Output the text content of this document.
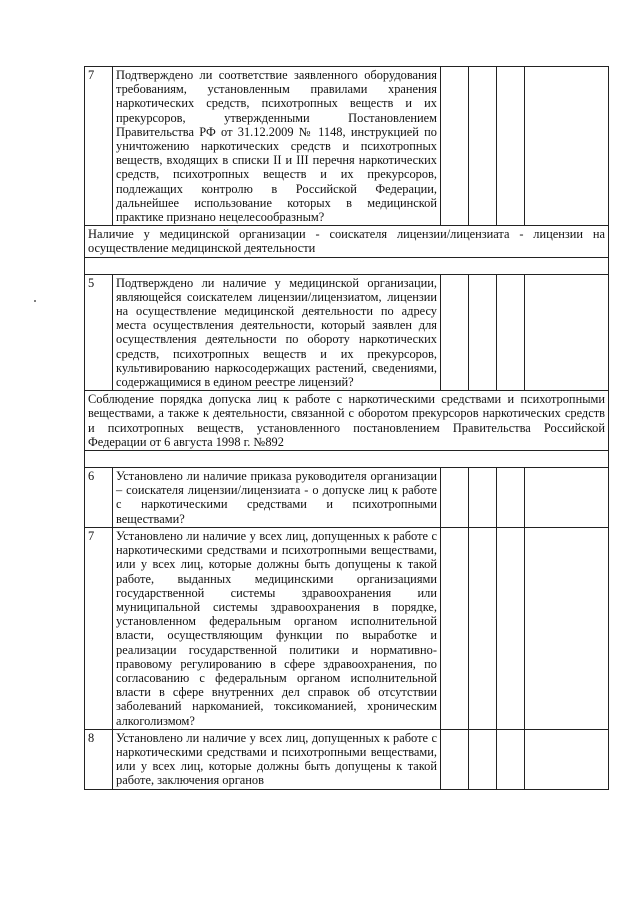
7	Подтверждено ли соответствие заявленного оборудования требованиям, установленным правилами хранения наркотических средств, психотропных веществ и их прекурсоров, утвержденными Постановлением Правительства РФ от 31.12.2009 № 1148, инструкцией по уничтожению наркотических средств и психотропных веществ, входящих в списки II и III перечня наркотических средств, психотропных веществ и их прекурсоров, подлежащих контролю в Российской Федерации, дальнейшее использование которых в медицинской практике признано нецелесообразным?				
Наличие у медицинской организации - соискателя лицензии/лицензиата - лицензии на осуществление медицинской деятельности					

5	Подтверждено ли наличие у медицинской организации, являющейся соискателем лицензии/лицензиатом, лицензии на осуществление медицинской деятельности по адресу места осуществления деятельности, который заявлен для осуществления деятельности по обороту наркотических средств, психотропных веществ и их прекурсоров, культивированию наркосодержащих растений, сведениями, содержащимися в едином реестре лицензий?				
Соблюдение порядка допуска лиц к работе с наркотическими средствами и психотропными веществами, а также к деятельности, связанной с оборотом прекурсоров наркотических средств и психотропных веществ, установленного постановлением Правительства Российской Федерации от 6 августа 1998 г. №892					

6	Установлено ли наличие приказа руководителя организации – соискателя лицензии/лицензиата - о допуске лиц к работе с наркотическими средствами и психотропными веществами?				
7	Установлено ли наличие у всех лиц, допущенных к работе с наркотическими средствами и психотропными веществами, или у всех лиц, которые должны быть допущены к такой работе, выданных медицинскими организациями государственной системы здравоохранения или муниципальной системы здравоохранения в порядке, установленном федеральным органом исполнительной власти, осуществляющим функции по выработке и реализации государственной политики и нормативно-правовому регулированию в сфере здравоохранения, по согласованию с федеральным органом исполнительной власти в сфере внутренних дел справок об отсутствии заболеваний наркоманией, токсикоманией, хроническим алкоголизмом?				
8	Установлено ли наличие у всех лиц, допущенных к работе с наркотическими средствами и психотропными веществами, или у всех лиц, которые должны быть допущены к такой работе, заключения органов				
